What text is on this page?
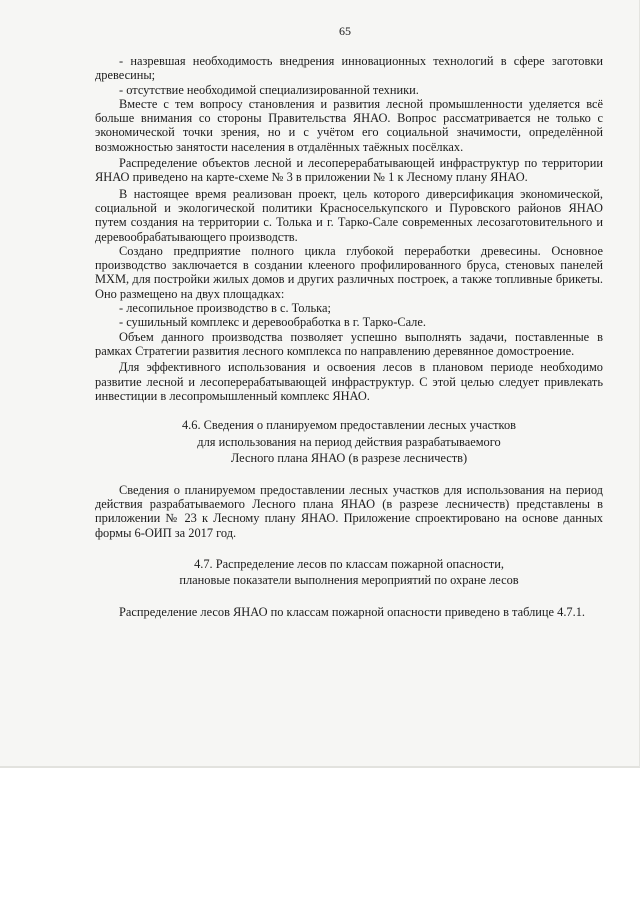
65

- назревшая необходимость внедрения инновационных технологий в сфере заготовки древесины;

- отсутствие необходимой специализированной техники.

Вместе с тем вопросу становления и развития лесной промышленности уделяется всё больше внимания со стороны Правительства ЯНАО. Вопрос рассматривается не только с экономической точки зрения, но и с учётом его социальной значимости, определённой возможностью занятости населения в отдалённых таёжных посёлках.

Распределение объектов лесной и лесоперерабатывающей инфраструктур по территории ЯНАО приведено на карте-схеме № 3 в приложении № 1 к Лесному плану ЯНАО.

В настоящее время реализован проект, цель которого диверсификация экономической, социальной и экологической политики Красноселькупского и Пуровского районов ЯНАО путем создания на территории с. Толька и г. Тарко-Сале современных лесозаготовительного и деревообрабатывающего производств.

Создано предприятие полного цикла глубокой переработки древесины. Основное производство заключается в создании клееного профилированного бруса, стеновых панелей МХМ, для постройки жилых домов и других различных построек, а также топливные брикеты. Оно размещено на двух площадках:

- лесопильное производство в с. Толька;

- сушильный комплекс и деревообработка в г. Тарко-Сале.

Объем данного производства позволяет успешно выполнять задачи, поставленные в рамках Стратегии развития лесного комплекса по направлению деревянное домостроение.

Для эффективного использования и освоения лесов в плановом периоде необходимо развитие лесной и лесоперерабатывающей инфраструктур. С этой целью следует привлекать инвестиции в лесопромышленный комплекс ЯНАО.

4.6. Сведения о планируемом предоставлении лесных участков
для использования на период действия разрабатываемого
Лесного плана ЯНАО (в разрезе лесничеств)

Сведения о планируемом предоставлении лесных участков для использования на период действия разрабатываемого Лесного плана ЯНАО (в разрезе лесничеств) представлены в приложении № 23 к Лесному плану ЯНАО. Приложение спроектировано на основе данных формы 6-ОИП за 2017 год.

4.7. Распределение лесов по классам пожарной опасности,
плановые показатели выполнения мероприятий по охране лесов

Распределение лесов ЯНАО по классам пожарной опасности приведено в таблице 4.7.1.
